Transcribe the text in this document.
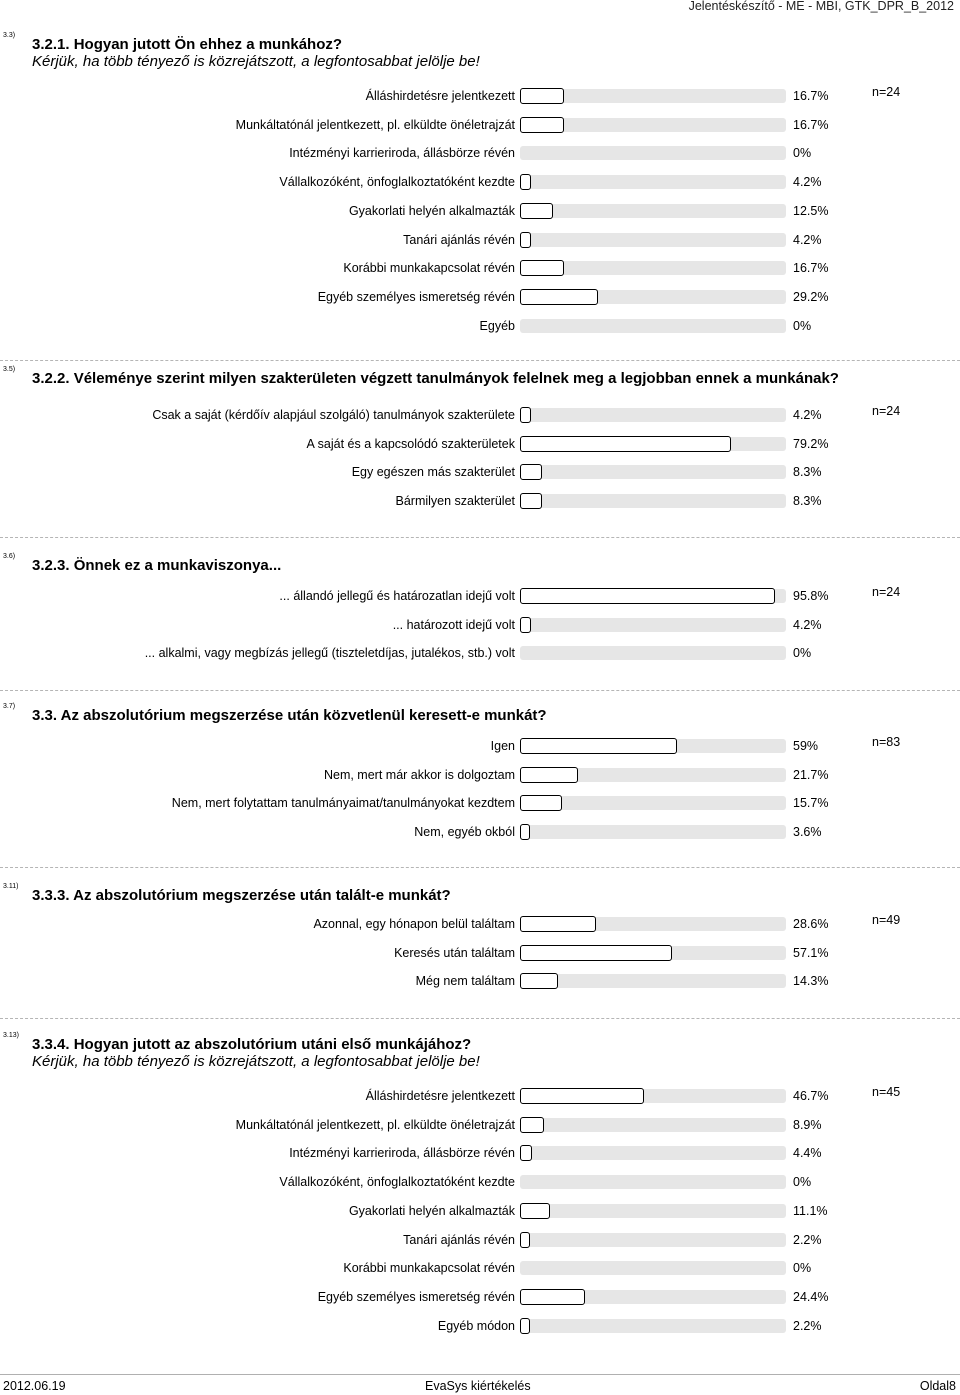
Jelentéskészítő - ME - MBI, GTK_DPR_B_2012
3.3)
3.2.1. Hogyan jutott Ön ehhez a munkához?
Kérjük, ha több tényező is közrejátszott, a legfontosabbat jelölje be!
n=24
Álláshirdetésre jelentkezett	16.7%
Munkáltatónál jelentkezett, pl. elküldte önéletrajzát	16.7%
Intézményi karrieriroda, állásbörze révén	0%
Vállalkozóként, önfoglalkoztatóként kezdte	4.2%
Gyakorlati helyén alkalmazták	12.5%
Tanári ajánlás révén	4.2%
Korábbi munkakapcsolat révén	16.7%
Egyéb személyes ismeretség révén	29.2%
Egyéb	0%
3.5)
3.2.2. Véleménye szerint milyen szakterületen végzett tanulmányok felelnek meg a legjobban ennek a munkának?
n=24
Csak a saját (kérdőív alapjául szolgáló) tanulmányok szakterülete	4.2%
A saját és a kapcsolódó szakterületek	79.2%
Egy egészen más szakterület	8.3%
Bármilyen szakterület	8.3%
3.6)
3.2.3. Önnek ez a munkaviszonya...
n=24
... állandó jellegű és határozatlan idejű volt	95.8%
... határozott idejű volt	4.2%
... alkalmi, vagy megbízás jellegű (tiszteletdíjas, jutalékos, stb.) volt	0%
3.7)
3.3. Az abszolutórium megszerzése után közvetlenül keresett-e munkát?
n=83
Igen	59%
Nem, mert már akkor is dolgoztam	21.7%
Nem, mert folytattam tanulmányaimat/tanulmányokat kezdtem	15.7%
Nem, egyéb okból	3.6%
3.11)
3.3.3. Az abszolutórium megszerzése után talált-e munkát?
n=49
Azonnal, egy hónapon belül találtam	28.6%
Keresés után találtam	57.1%
Még nem találtam	14.3%
3.13)
3.3.4. Hogyan jutott az abszolutórium utáni első munkájához?
Kérjük, ha több tényező is közrejátszott, a legfontosabbat jelölje be!
n=45
Álláshirdetésre jelentkezett	46.7%
Munkáltatónál jelentkezett, pl. elküldte önéletrajzát	8.9%
Intézményi karrieriroda, állásbörze révén	4.4%
Vállalkozóként, önfoglalkoztatóként kezdte	0%
Gyakorlati helyén alkalmazták	11.1%
Tanári ajánlás révén	2.2%
Korábbi munkakapcsolat révén	0%
Egyéb személyes ismeretség révén	24.4%
Egyéb módon	2.2%
2012.06.19	EvaSys kiértékelés	Oldal8
